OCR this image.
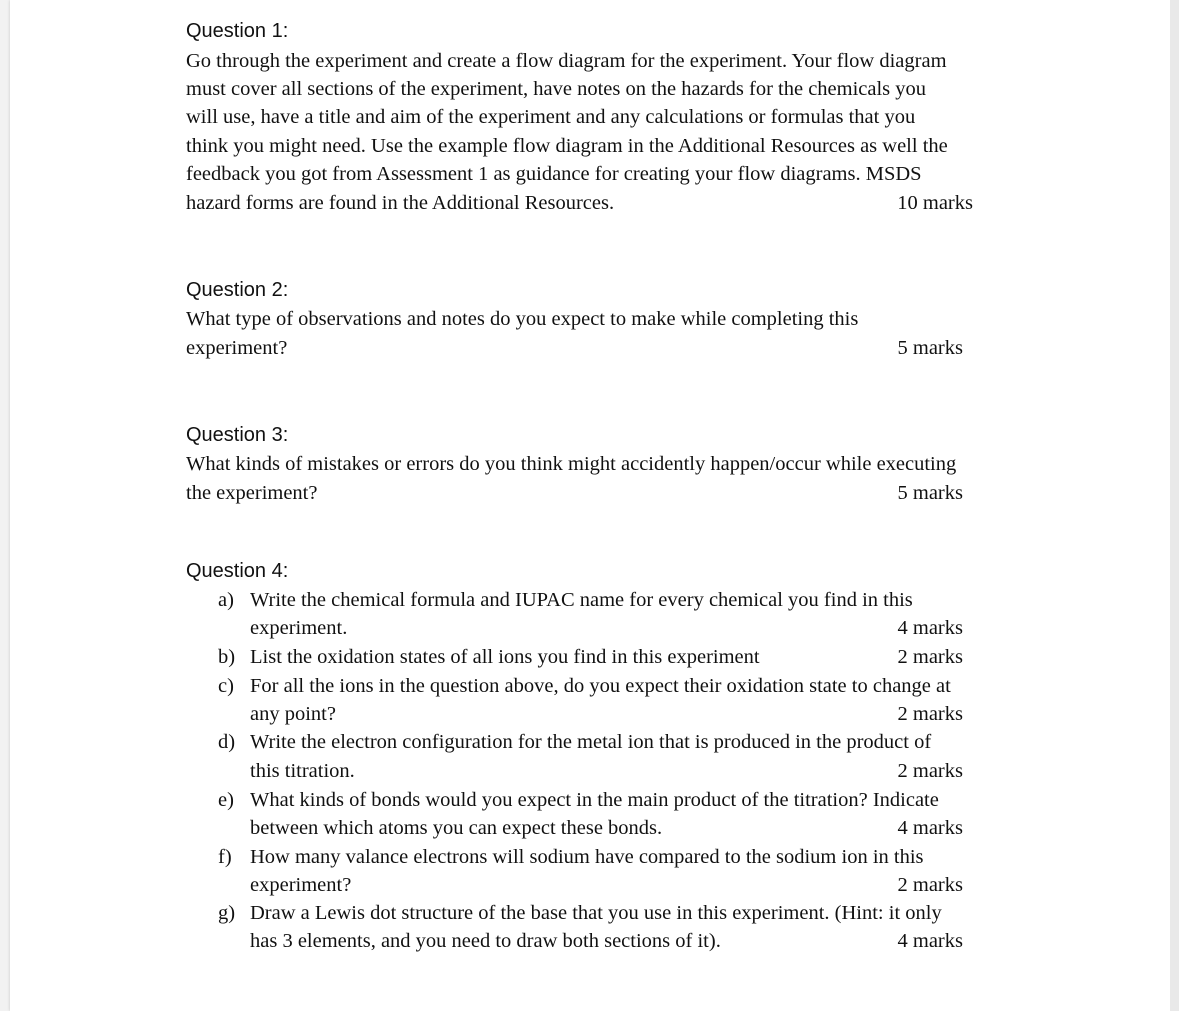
Question 1:
Go through the experiment and create a flow diagram for the experiment. Your flow diagram
must cover all sections of the experiment, have notes on the hazards for the chemicals you
will use, have a title and aim of the experiment and any calculations or formulas that you
think you might need. Use the example flow diagram in the Additional Resources as well the
feedback you got from Assessment 1 as guidance for creating your flow diagrams. MSDS
hazard forms are found in the Additional Resources.	10 marks
Question 2:
What type of observations and notes do you expect to make while completing this
experiment?	5 marks
Question 3:
What kinds of mistakes or errors do you think might accidently happen/occur while executing
the experiment?	5 marks
Question 4:
a) Write the chemical formula and IUPAC name for every chemical you find in this
experiment.	4 marks
b) List the oxidation states of all ions you find in this experiment	2 marks
c) For all the ions in the question above, do you expect their oxidation state to change at
any point?	2 marks
d) Write the electron configuration for the metal ion that is produced in the product of
this titration.	2 marks
e) What kinds of bonds would you expect in the main product of the titration? Indicate
between which atoms you can expect these bonds.	4 marks
f) How many valance electrons will sodium have compared to the sodium ion in this
experiment?	2 marks
g) Draw a Lewis dot structure of the base that you use in this experiment. (Hint: it only
has 3 elements, and you need to draw both sections of it).	4 marks
